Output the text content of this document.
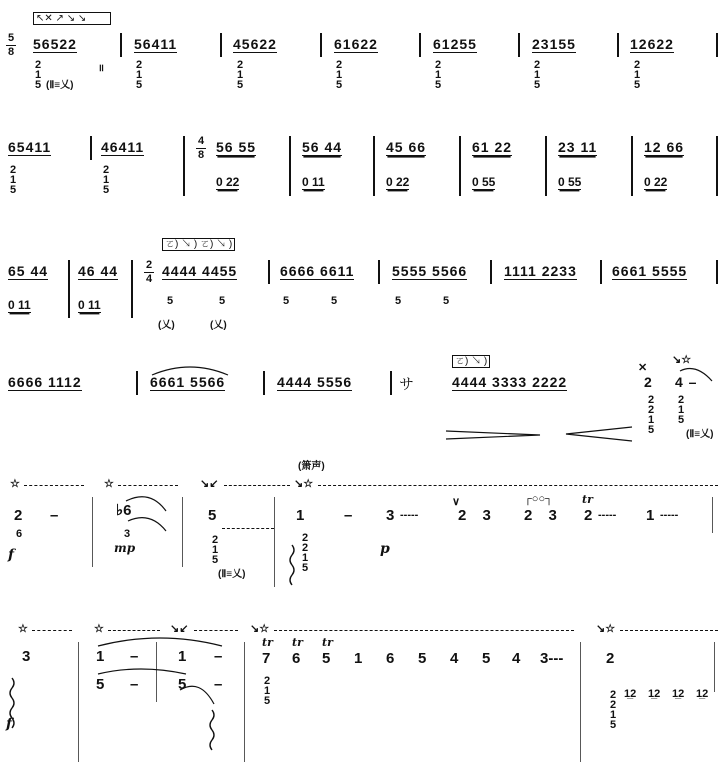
5
8
↖✕ ↗ ↘ ↘
56522	56411	45622	61622	61255	23155	12622
2
1
5 (Ⅱ≡乂)
॥	2
1
5
2
1
5
2
1
5
2
1
5
2
1
5
2
1
5
65411	46411	4
8 56 55	56 44	45 66	61 22	23 11	12 66
2
1
5
2
1
5
0 22	0 11	0 22	0 55	0 55	0 22
65 44 46 44	2
4
ㄛ) ↘ ) ㄛ) ↘ )
4444 4455	6666 6611	5555 5566	1111 2233	6661 5555
0 11	0 11	5
(乂)
5
(乂)
5	5	5	5
6666 1112	6661 5566	4444 5556	サ
ㄛ) ↘ )
4444 3333 2222	2
✕
↘☆
4 –
2
2
1
5
2
1
5
(Ⅱ≡乂)
(箫声)
☆	☆	↘↙	↘☆
2 –
6
f
♭6
3
mp
5
2
1
5
(Ⅱ≡乂)
1	–
2
2
1
5
p
3 -----
∨
2 3
┌○○┐
2 3
tr
2 ----- 1 -----
☆	☆	↘↙	↘☆	↘☆
3
f
1 –	1 –
5 –	5 –
tr tr tr
7 6 5 1 6 5 4 5 4 3---
2
1
5
2
2
2
1
5
1̲2 1̲2 1̲2 1̲2
